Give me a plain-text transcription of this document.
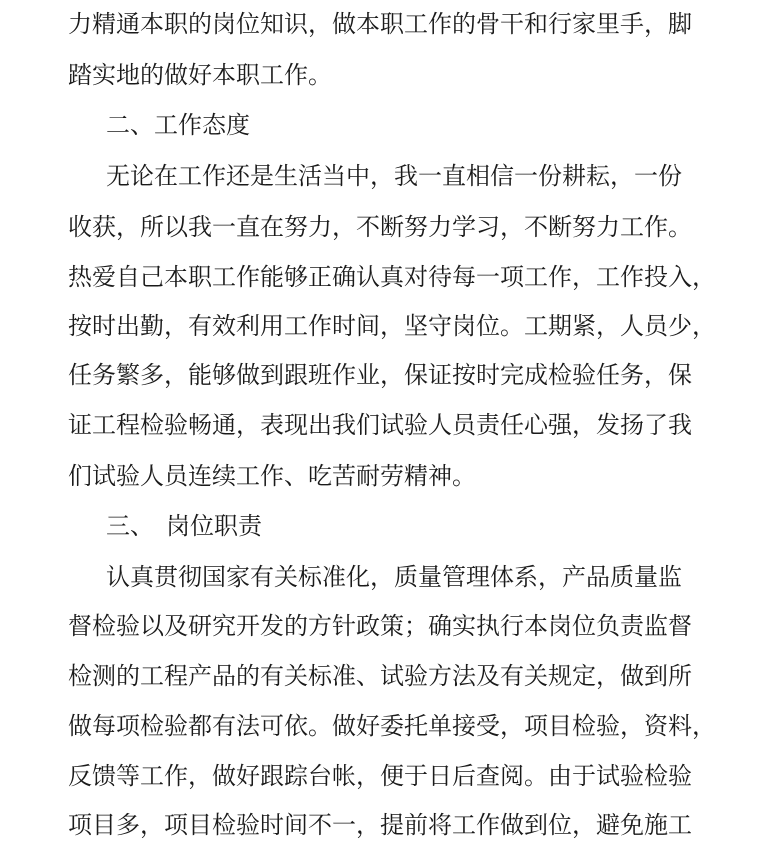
力精通本职的岗位知识，做本职工作的骨干和行家里手，脚

踏实地的做好本职工作。

二、工作态度

无论在工作还是生活当中，我一直相信一份耕耘，一份

收获，所以我一直在努力，不断努力学习，不断努力工作。

热爱自己本职工作能够正确认真对待每一项工作，工作投入，

按时出勤，有效利用工作时间，坚守岗位。工期紧，人员少，

任务繁多，能够做到跟班作业，保证按时完成检验任务，保

证工程检验畅通，表现出我们试验人员责任心强，发扬了我

们试验人员连续工作、吃苦耐劳精神。

三、　岗位职责

认真贯彻国家有关标准化，质量管理体系，产品质量监

督检验以及研究开发的方针政策；确实执行本岗位负责监督

检测的工程产品的有关标准、试验方法及有关规定，做到所

做每项检验都有法可依。做好委托单接受，项目检验，资料，

反馈等工作，做好跟踪台帐，便于日后查阅。由于试验检验

项目多，项目检验时间不一，提前将工作做到位，避免施工
